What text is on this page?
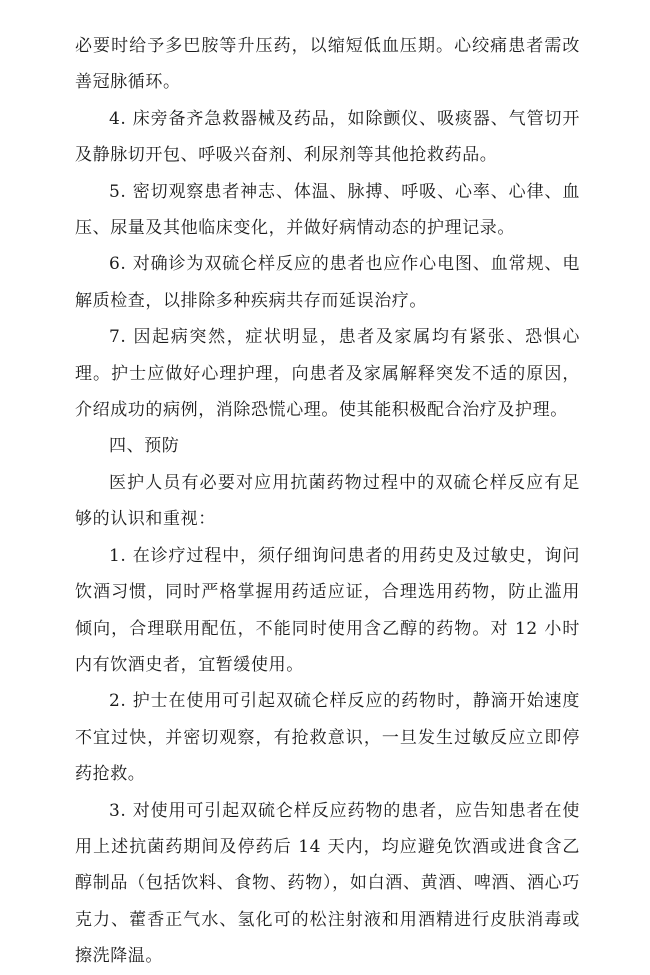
必要时给予多巴胺等升压药，以缩短低血压期。心绞痛患者需改善冠脉循环。

4. 床旁备齐急救器械及药品，如除颤仪、吸痰器、气管切开及静脉切开包、呼吸兴奋剂、利尿剂等其他抢救药品。

5. 密切观察患者神志、体温、脉搏、呼吸、心率、心律、血压、尿量及其他临床变化，并做好病情动态的护理记录。

6. 对确诊为双硫仑样反应的患者也应作心电图、血常规、电解质检查，以排除多种疾病共存而延误治疗。

7. 因起病突然，症状明显，患者及家属均有紧张、恐惧心理。护士应做好心理护理，向患者及家属解释突发不适的原因，介绍成功的病例，消除恐慌心理。使其能积极配合治疗及护理。

四、预防

医护人员有必要对应用抗菌药物过程中的双硫仑样反应有足够的认识和重视：

1. 在诊疗过程中，须仔细询问患者的用药史及过敏史，询问饮酒习惯，同时严格掌握用药适应证，合理选用药物，防止滥用倾向，合理联用配伍，不能同时使用含乙醇的药物。对 12 小时内有饮酒史者，宜暂缓使用。

2. 护士在使用可引起双硫仑样反应的药物时，静滴开始速度不宜过快，并密切观察，有抢救意识，一旦发生过敏反应立即停药抢救。

3. 对使用可引起双硫仑样反应药物的患者，应告知患者在使用上述抗菌药期间及停药后 14 天内，均应避免饮酒或进食含乙醇制品（包括饮料、食物、药物），如白酒、黄酒、啤酒、酒心巧克力、藿香正气水、氢化可的松注射液和用酒精进行皮肤消毒或擦洗降温。
